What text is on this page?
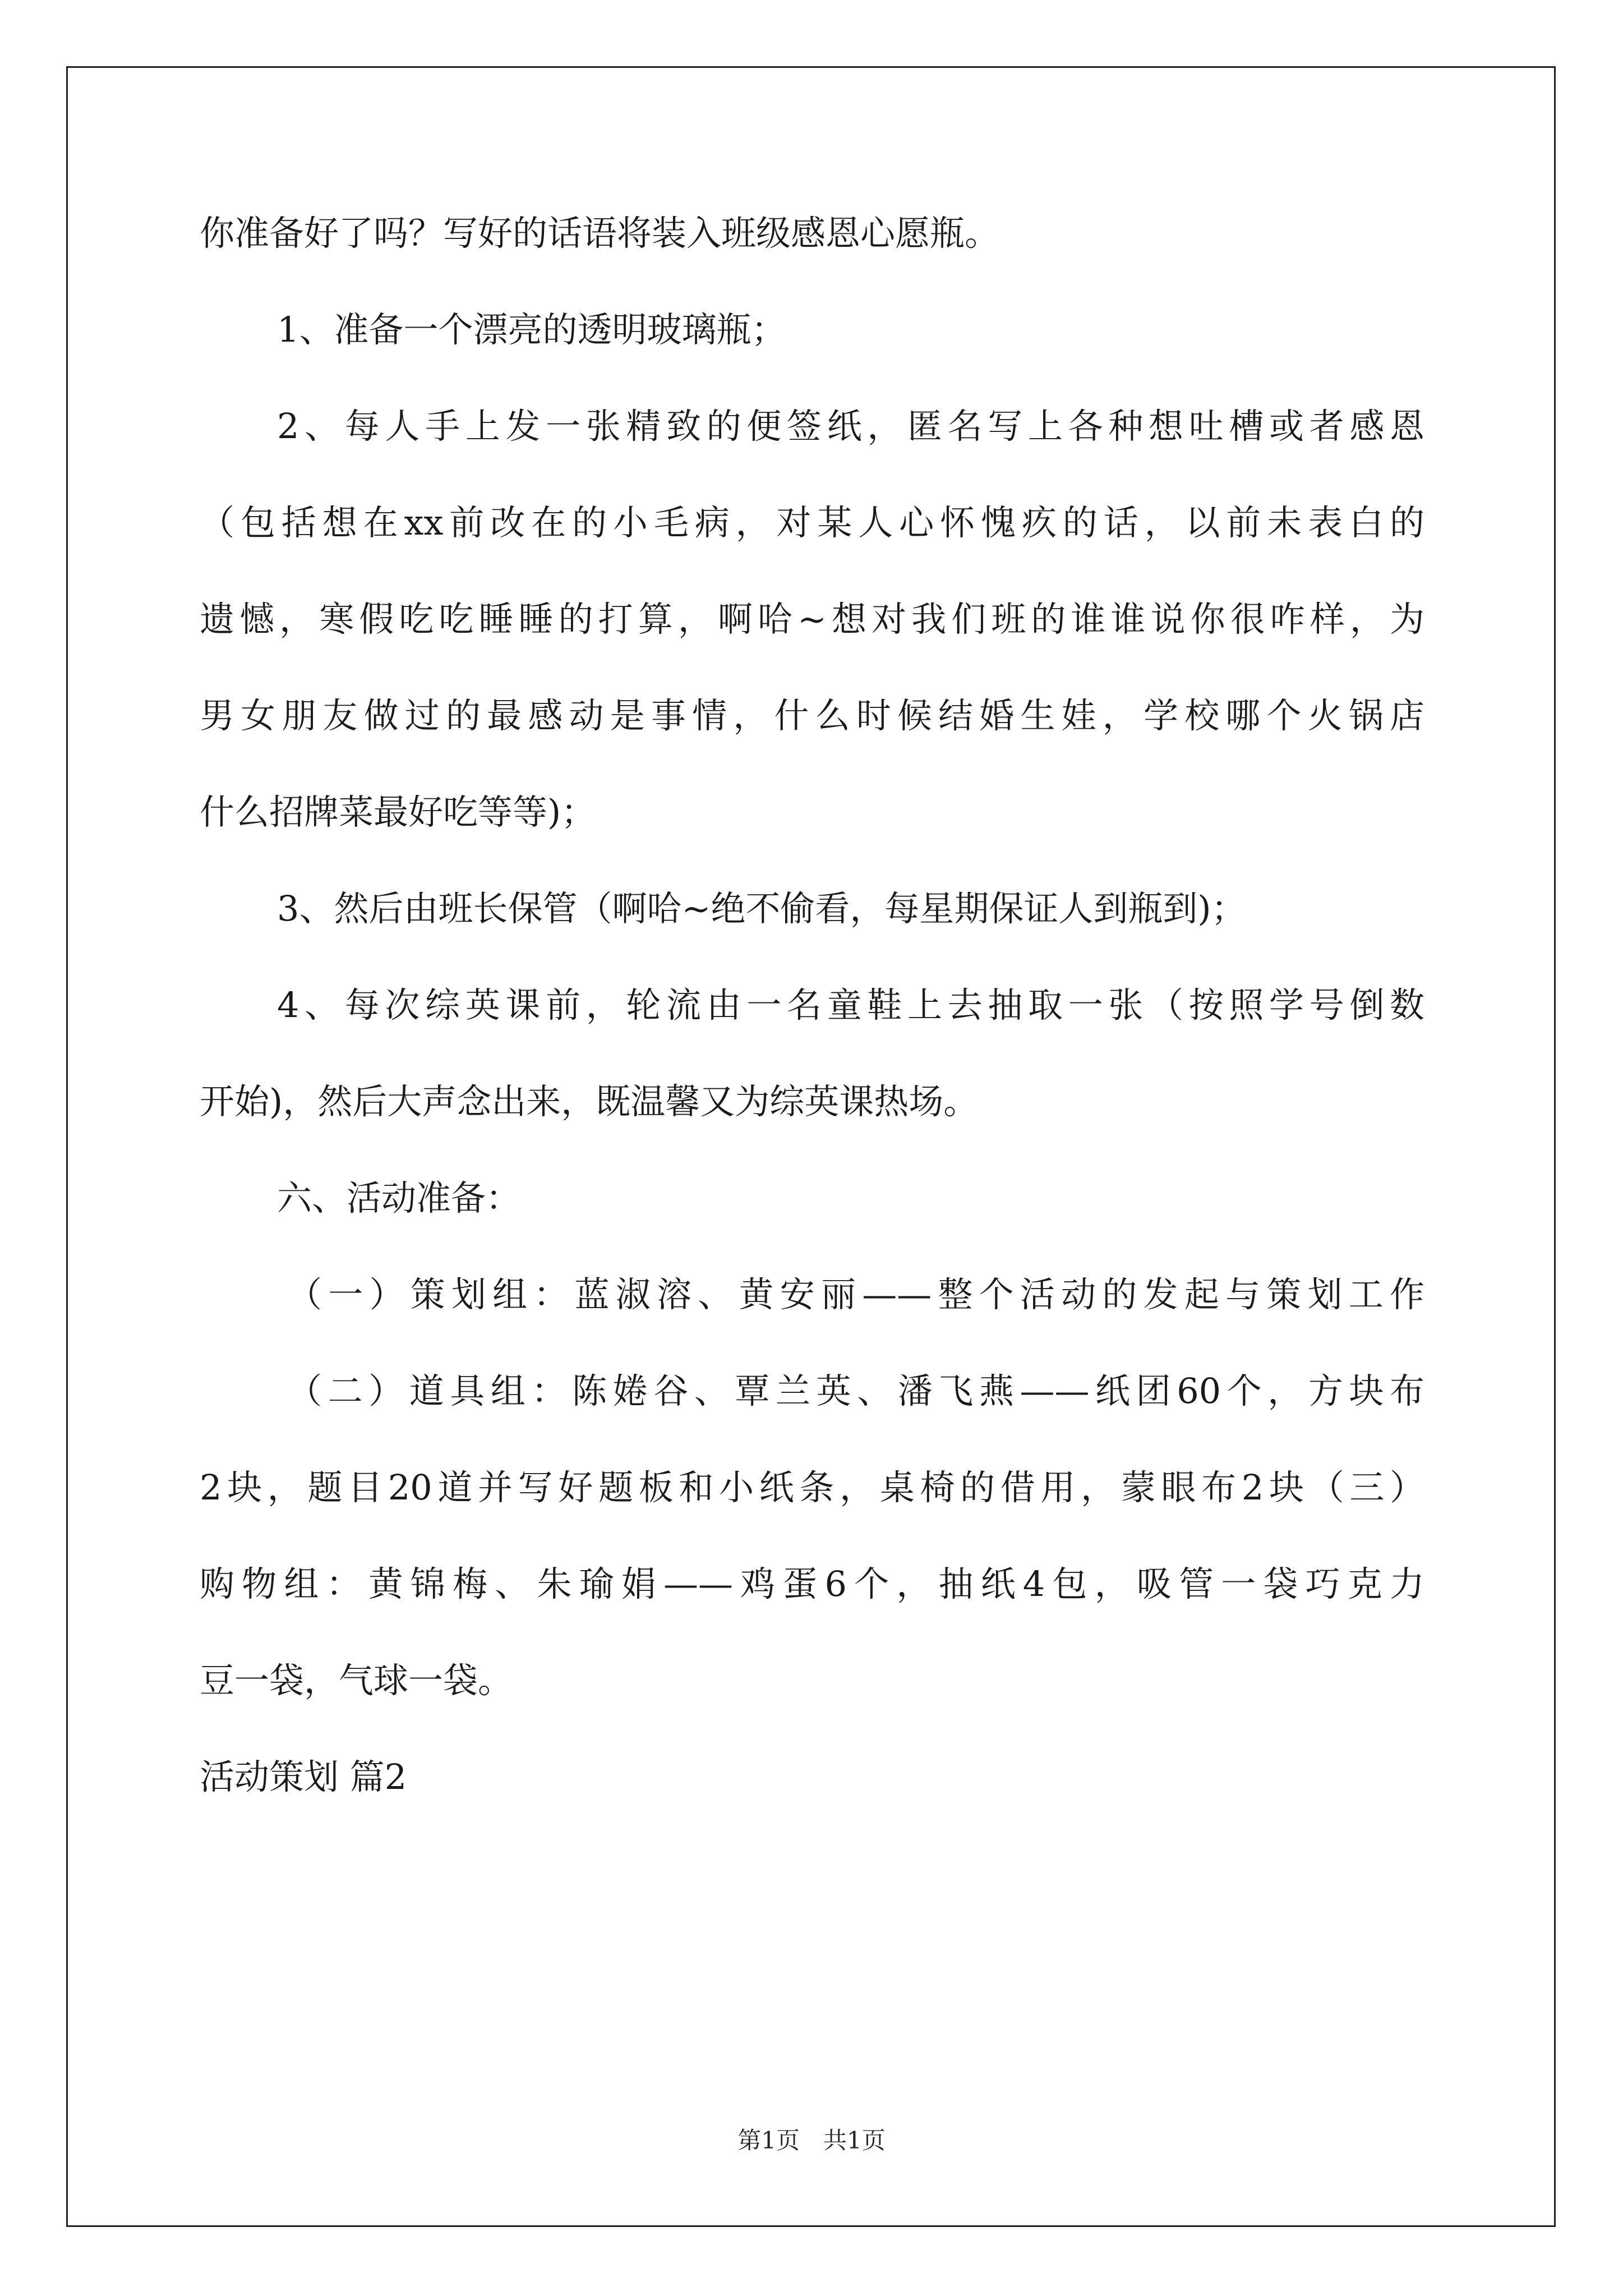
你准备好了吗？写好的话语将装入班级感恩心愿瓶。
1、准备一个漂亮的透明玻璃瓶；
2、每人手上发一张精致的便签纸，匿名写上各种想吐槽或者感恩
（包括想在xx前改在的小毛病，对某人心怀愧疚的话，以前未表白的
遗憾，寒假吃吃睡睡的打算，啊哈~想对我们班的谁谁说你很咋样，为
男女朋友做过的最感动是事情，什么时候结婚生娃，学校哪个火锅店
什么招牌菜最好吃等等)；
3、然后由班长保管（啊哈~绝不偷看，每星期保证人到瓶到)；
4、每次综英课前，轮流由一名童鞋上去抽取一张（按照学号倒数
开始)，然后大声念出来，既温馨又为综英课热场。
六、活动准备：
（一）策划组：蓝淑溶、黄安丽——整个活动的发起与策划工作
（二）道具组：陈婘谷、覃兰英、潘飞燕——纸团60个，方块布
2块，题目20道并写好题板和小纸条，桌椅的借用，蒙眼布2块（三）
购物组：黄锦梅、朱瑜娟——鸡蛋6个，抽纸4包，吸管一袋巧克力
豆一袋，气球一袋。
活动策划 篇2
第1页　共1页
